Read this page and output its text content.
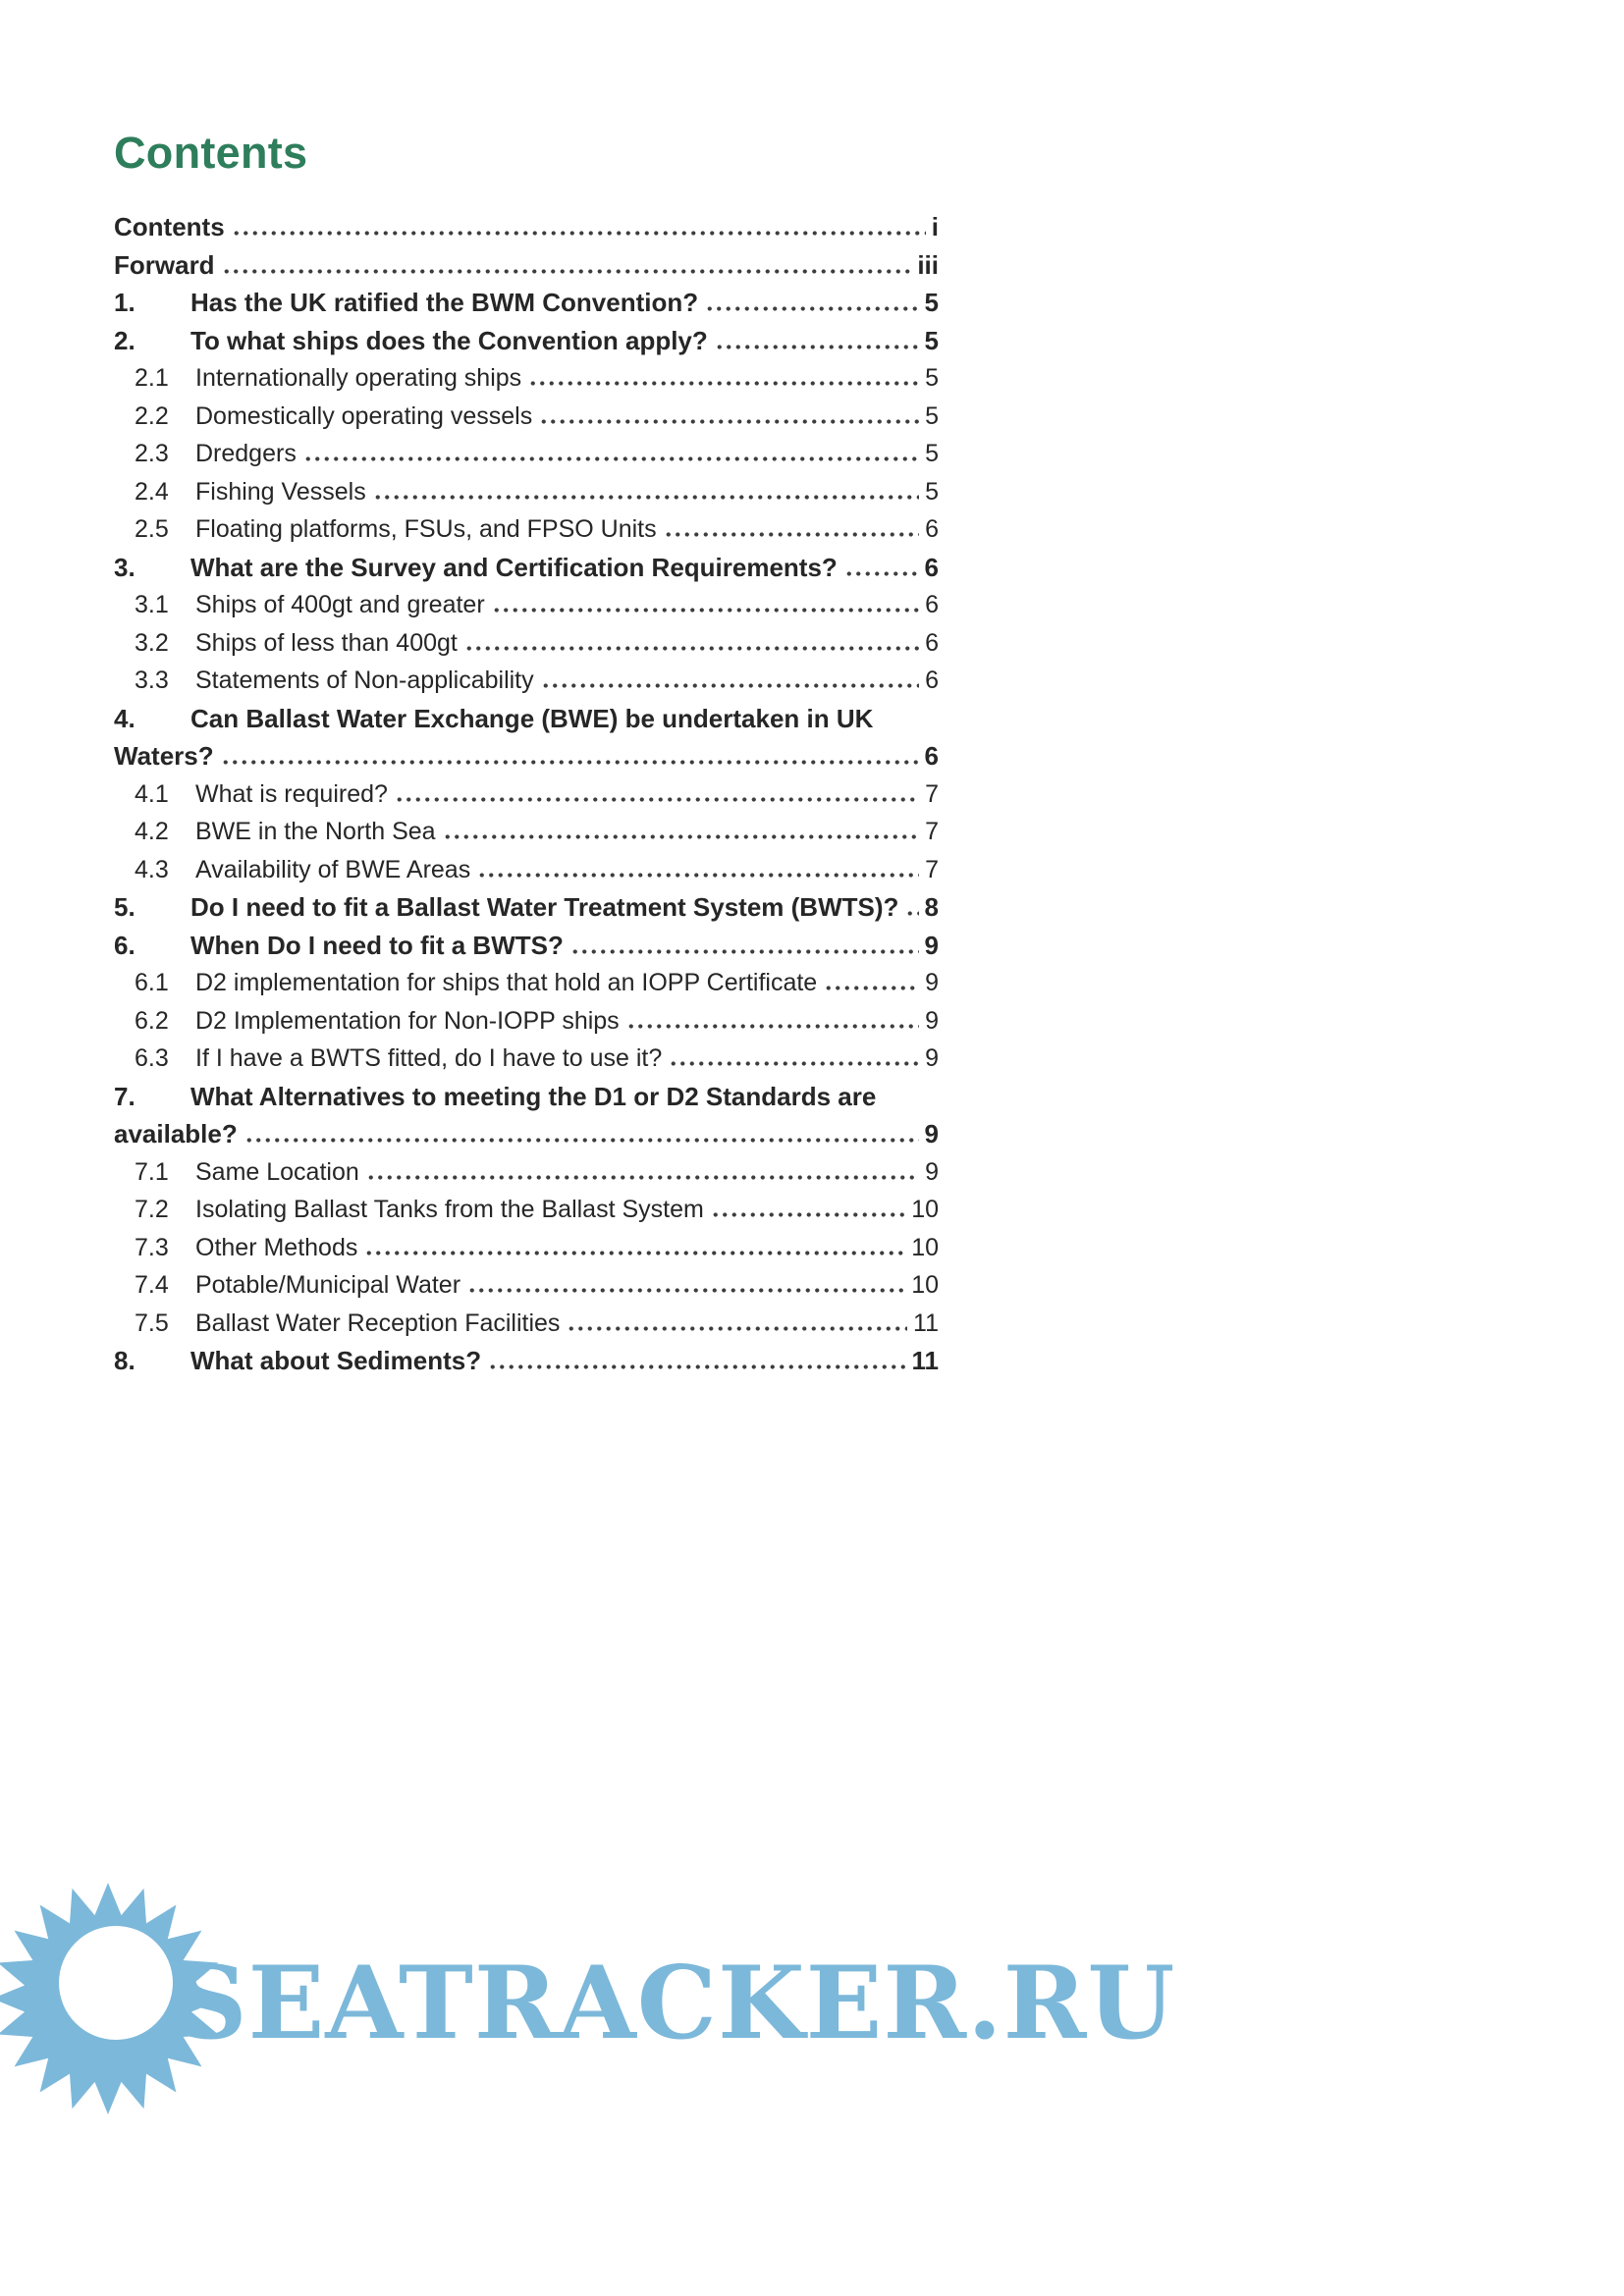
Contents
Contents	i
Forward	iii
1.	Has the UK ratified the BWM Convention?	5
2.	To what ships does the Convention apply?	5
2.1	Internationally operating ships	5
2.2	Domestically operating vessels	5
2.3	Dredgers	5
2.4	Fishing Vessels	5
2.5	Floating platforms, FSUs, and FPSO Units	6
3.	What are the Survey and Certification Requirements?	6
3.1	Ships of 400gt and greater	6
3.2	Ships of less than 400gt	6
3.3	Statements of Non-applicability	6
4.	Can Ballast Water Exchange (BWE) be undertaken in UK
Waters?	6
4.1	What is required?	7
4.2	BWE in the North Sea	7
4.3	Availability of BWE Areas	7
5.	Do I need to fit a Ballast Water Treatment System (BWTS)? 8
6.	When Do I need to fit a BWTS?	9
6.1	D2 implementation for ships that hold an IOPP Certificate	9
6.2	D2 Implementation for Non-IOPP ships	9
6.3	If I have a BWTS fitted, do I have to use it?	9
7.	What Alternatives to meeting the D1 or D2 Standards are
available?	9
7.1	Same Location	9
7.2	Isolating Ballast Tanks from the Ballast System	10
7.3	Other Methods	10
7.4	Potable/Municipal Water	10
7.5	Ballast Water Reception Facilities	11
8.	What about Sediments?	11
SEATRACKER.RU
